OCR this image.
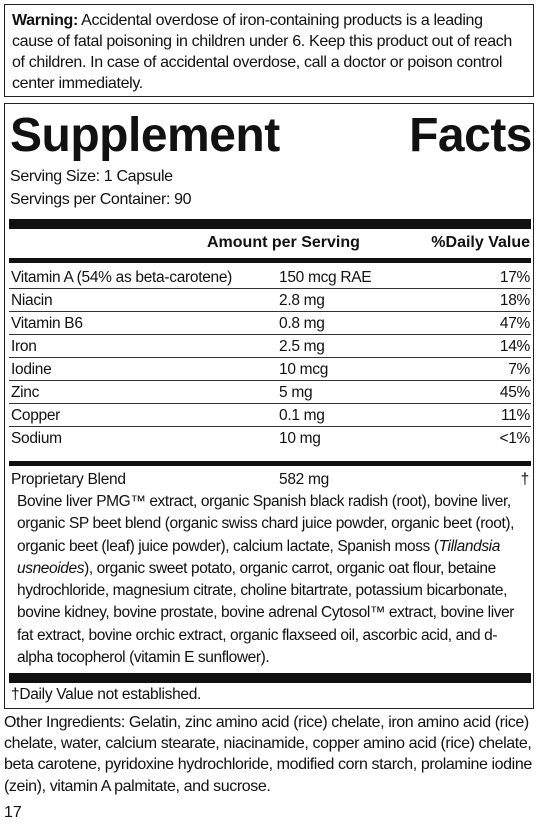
Warning: Accidental overdose of iron-containing products is a leading cause of fatal poisoning in children under 6. Keep this product out of reach of children. In case of accidental overdose, call a doctor or poison control center immediately.
Supplement	Facts
Serving Size: 1 Capsule
Servings per Container: 90
Amount per Serving	%Daily Value
Vitamin A (54% as beta-carotene)	150 mcg RAE	17%
Niacin	2.8 mg	18%
Vitamin B6	0.8 mg	47%
Iron	2.5 mg	14%
Iodine	10 mcg	7%
Zinc	5 mg	45%
Copper	0.1 mg	11%
Sodium	10 mg	<1%
Proprietary Blend	582 mg	†
Bovine liver PMG™ extract, organic Spanish black radish (root), bovine liver, organic SP beet blend (organic swiss chard juice powder, organic beet (root), organic beet (leaf) juice powder), calcium lactate, Spanish moss (Tillandsia usneoides), organic sweet potato, organic carrot, organic oat flour, betaine hydrochloride, magnesium citrate, choline bitartrate, potassium bicarbonate, bovine kidney, bovine prostate, bovine adrenal Cytosol™ extract, bovine liver fat extract, bovine orchic extract, organic flaxseed oil, ascorbic acid, and d-alpha tocopherol (vitamin E sunflower).
†Daily Value not established.
Other Ingredients: Gelatin, zinc amino acid (rice) chelate, iron amino acid (rice) chelate, water, calcium stearate, niacinamide, copper amino acid (rice) chelate, beta carotene, pyridoxine hydrochloride, modified corn starch, prolamine iodine (zein), vitamin A palmitate, and sucrose.
17
